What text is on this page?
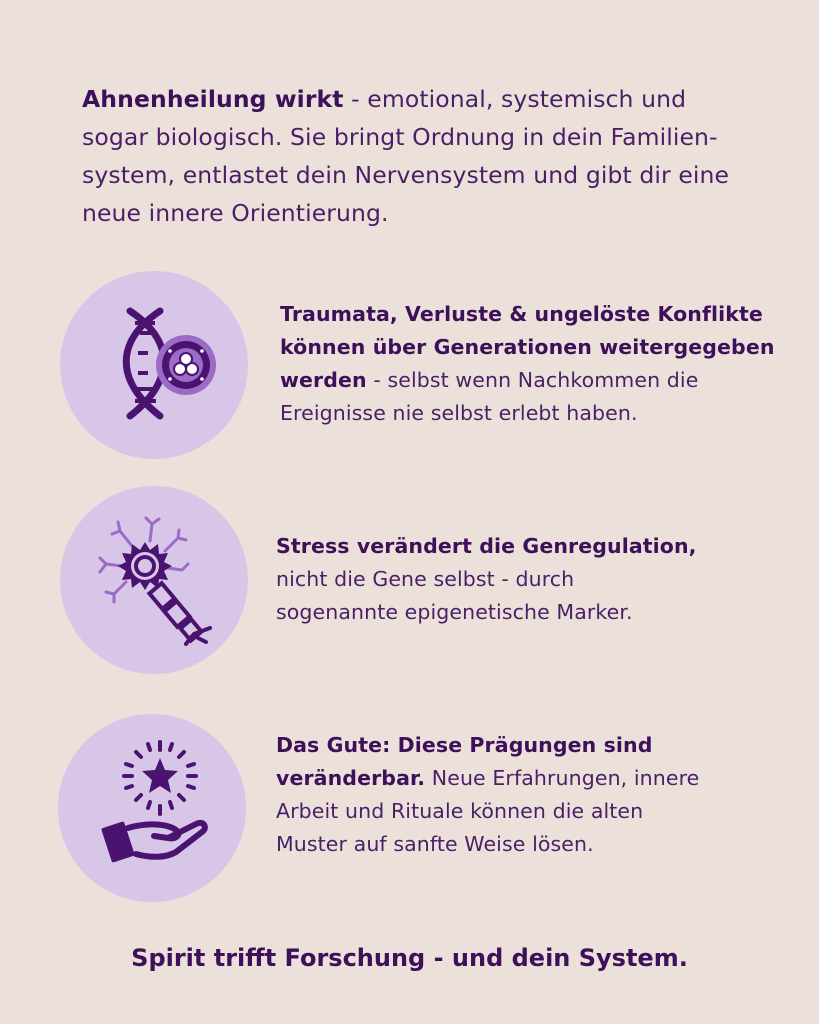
Ahnenheilung wirkt - emotional, systemisch und
sogar biologisch. Sie bringt Ordnung in dein Familien-
system, entlastet dein Nervensystem und gibt dir eine
neue innere Orientierung.

Traumata, Verluste & ungelöste Konflikte
können über Generationen weitergegeben
werden - selbst wenn Nachkommen die
Ereignisse nie selbst erlebt haben.

Stress verändert die Genregulation,
nicht die Gene selbst - durch
sogenannte epigenetische Marker.

Das Gute: Diese Prägungen sind
veränderbar. Neue Erfahrungen, innere
Arbeit und Rituale können die alten
Muster auf sanfte Weise lösen.

Spirit trifft Forschung - und dein System.
